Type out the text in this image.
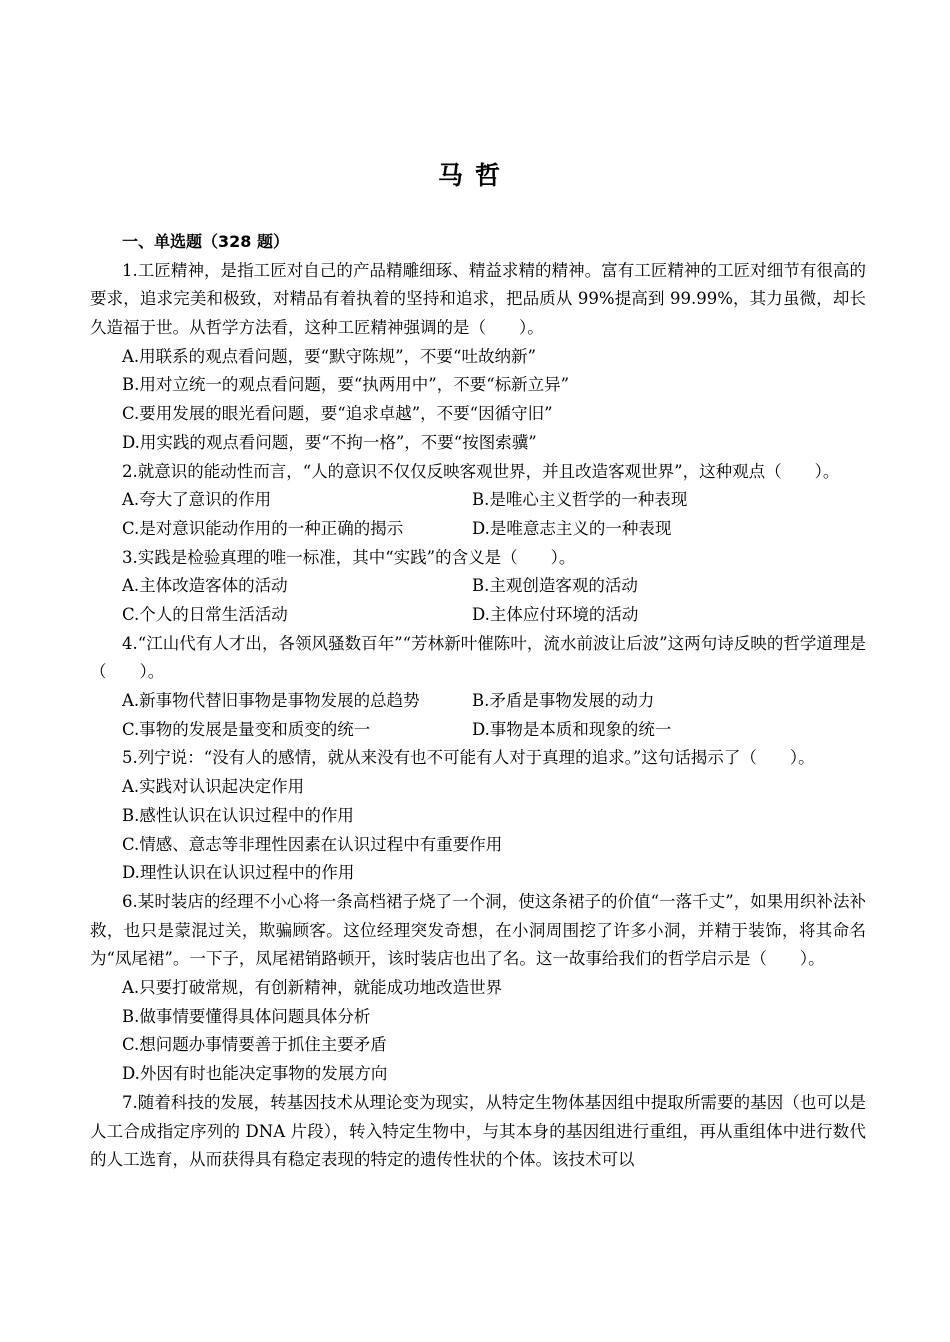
马哲
一、单选题（328 题）

1.工匠精神，是指工匠对自己的产品精雕细琢、精益求精的精神。富有工匠精神的工匠对细节有很高的要求，追求完美和极致，对精品有着执着的坚持和追求，把品质从 99%提高到 99.99%，其力虽微，却长久造福于世。从哲学方法看，这种工匠精神强调的是（　　）。

A.用联系的观点看问题，要“默守陈规”，不要“吐故纳新”
B.用对立统一的观点看问题，要“执两用中”，不要“标新立异”
C.要用发展的眼光看问题，要“追求卓越”，不要“因循守旧”
D.用实践的观点看问题，要“不拘一格”，不要“按图索骥”

2.就意识的能动性而言，“人的意识不仅仅反映客观世界，并且改造客观世界”，这种观点（　　）。

A.夸大了意识的作用	B.是唯心主义哲学的一种表现
C.是对意识能动作用的一种正确的揭示	D.是唯意志主义的一种表现

3.实践是检验真理的唯一标准，其中“实践”的含义是（　　）。

A.主体改造客体的活动	B.主观创造客观的活动
C.个人的日常生活活动	D.主体应付环境的活动

4.“江山代有人才出，各领风骚数百年”“芳林新叶催陈叶，流水前波让后波”这两句诗反映的哲学道理是（　　）。

A.新事物代替旧事物是事物发展的总趋势	B.矛盾是事物发展的动力
C.事物的发展是量变和质变的统一	D.事物是本质和现象的统一

5.列宁说：“没有人的感情，就从来没有也不可能有人对于真理的追求。”这句话揭示了（　　）。

A.实践对认识起决定作用
B.感性认识在认识过程中的作用
C.情感、意志等非理性因素在认识过程中有重要作用
D.理性认识在认识过程中的作用

6.某时装店的经理不小心将一条高档裙子烧了一个洞，使这条裙子的价值“一落千丈”，如果用织补法补救，也只是蒙混过关，欺骗顾客。这位经理突发奇想，在小洞周围挖了许多小洞，并精于装饰，将其命名为“凤尾裙”。一下子，凤尾裙销路顿开，该时装店也出了名。这一故事给我们的哲学启示是（　　）。

A.只要打破常规，有创新精神，就能成功地改造世界
B.做事情要懂得具体问题具体分析
C.想问题办事情要善于抓住主要矛盾
D.外因有时也能决定事物的发展方向

7.随着科技的发展，转基因技术从理论变为现实，从特定生物体基因组中提取所需要的基因（也可以是人工合成指定序列的 DNA 片段），转入特定生物中，与其本身的基因组进行重组，再从重组体中进行数代的人工选育，从而获得具有稳定表现的特定的遗传性状的个体。该技术可以
